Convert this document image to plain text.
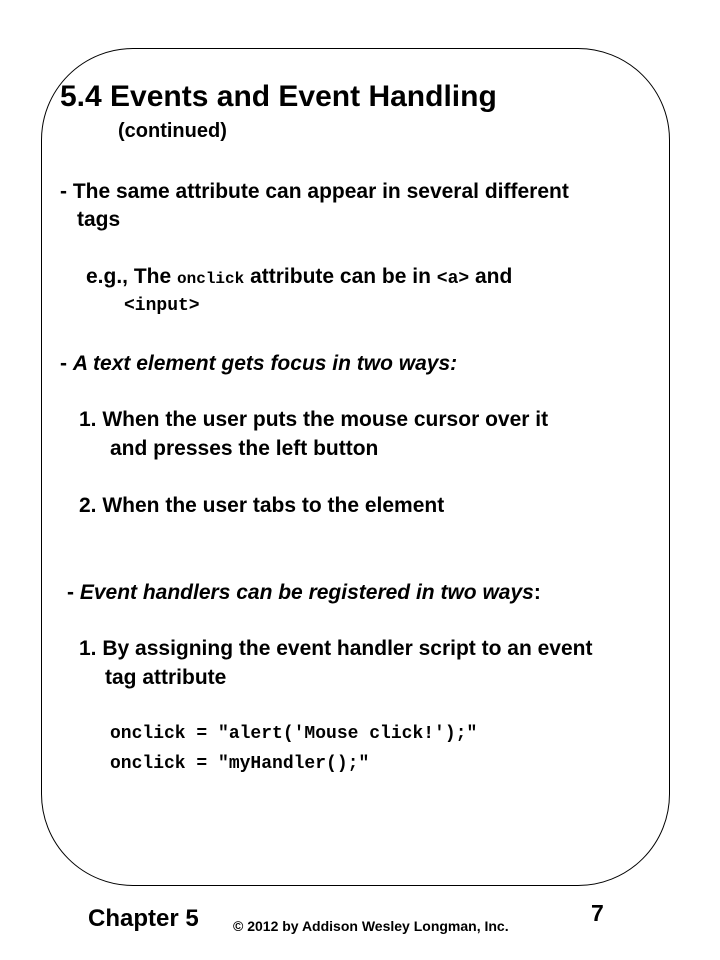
5.4 Events and Event Handling
(continued)
- The same attribute can appear in several different
tags
e.g., The onclick attribute can be in <a> and
<input>
- A text element gets focus in two ways:
1. When the user puts the mouse cursor over it
and presses the left button
2. When the user tabs to the element
- Event handlers can be registered in two ways:
1. By assigning the event handler script to an event
tag attribute
onclick = "alert('Mouse click!');"
onclick = "myHandler();"
Chapter 5 © 2012 by Addison Wesley Longman, Inc.	7
